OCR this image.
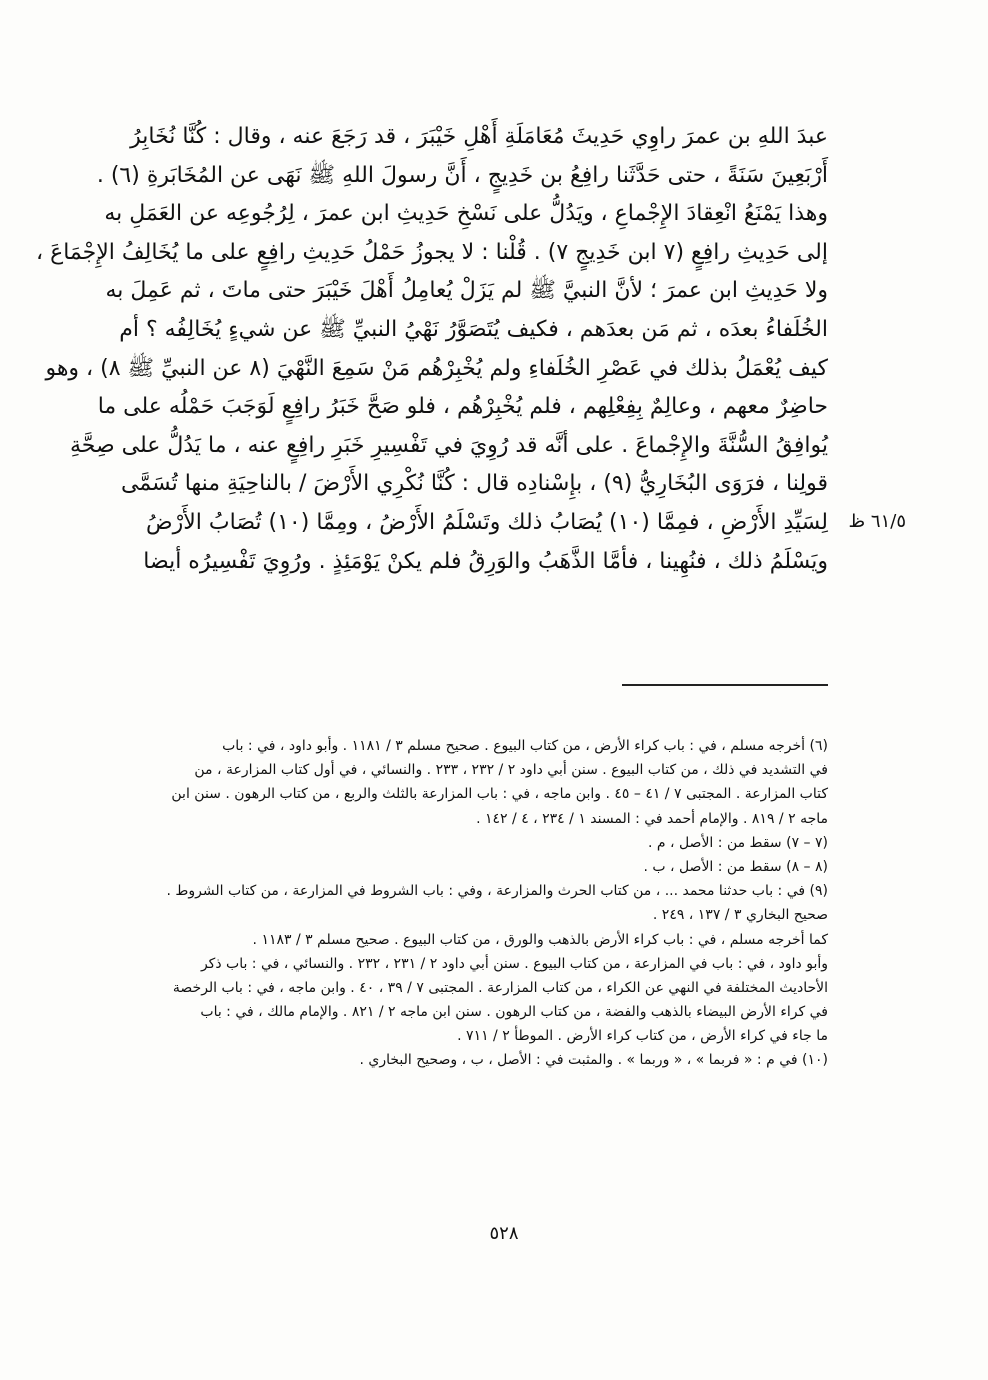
عبدَ اللهِ بن عمرَ راوِي حَدِيثَ مُعَامَلَةِ أَهْلِ خَيْبَرَ ، قد رَجَعَ عنه ، وقال : كُنَّا نُخَابِرُ
أَرْبَعِينَ سَنَةً ، حتى حَدَّثَنا رافِعُ بن خَدِيجٍ ، أَنَّ رسولَ اللهِ ﷺ نَهَى عن المُخَابَرةِ (٦) .
وهذا يَمْنَعُ انْعِقادَ الإِجْماعِ ، ويَدُلُّ على نَسْخِ حَدِيثِ ابن عمرَ ، لِرُجُوعِه عن العَمَلِ به
إلى حَدِيثِ رافِعٍ (٧ ابن خَدِيجٍ ٧) . قُلْنا : لا يجوزُ حَمْلُ حَدِيثِ رافِعٍ على ما يُخَالِفُ الإِجْمَاعَ ،
ولا حَدِيثِ ابن عمرَ ؛ لأنَّ النبيَّ ﷺ لم يَزَلْ يُعامِلُ أَهْلَ خَيْبَرَ حتى ماتَ ، ثم عَمِلَ به
الخُلَفاءُ بعدَه ، ثم مَن بعدَهم ، فكيف يُتَصَوَّرُ نَهْيُ النبيِّ ﷺ عن شيءٍ يُخَالِفُه ؟ أم
كيف يُعْمَلُ بذلك في عَصْرِ الخُلَفاءِ ولم يُخْبِرْهُم مَنْ سَمِعَ النَّهْيَ (٨ عن النبيِّ ﷺ ٨) ، وهو
حاضِرٌ معهم ، وعالِمٌ بِفِعْلِهم ، فلم يُخْبِرْهُم ، فلو صَحَّ خَبَرُ رافِعٍ لَوَجَبَ حَمْلُه على ما
يُوافِقُ السُّنَّةَ والإِجْماعَ . على أنَّه قد رُوِيَ في تَفْسِيرِ خَبَرِ رافِعٍ عنه ، ما يَدُلُّ على صِحَّةِ
قولِنا ، فرَوَى البُخَارِيُّ (٩) ، بإِسْنادِه قال : كُنَّا نُكْرِي الأَرْضَ / بالناحِيَةِ منها تُسَمَّى
لِسَيِّدِ الأَرْضِ ، فمِمَّا (١٠) يُصَابُ ذلك وتَسْلَمُ الأَرْضُ ، ومِمَّا (١٠) تُصَابُ الأَرْضُ
ويَسْلَمُ ذلك ، فنُهِينا ، فأمَّا الذَّهَبُ والوَرِقُ فلم يكنْ يَوْمَئِذٍ . ورُوِيَ تَفْسِيرُه أيضا
٦١/٥ ظ
(٦) أخرجه مسلم ، في : باب كراء الأرض ، من كتاب البيوع . صحيح مسلم ٣ / ١١٨١ . وأبو داود ، في : باب
في التشديد في ذلك ، من كتاب البيوع . سنن أبي داود ٢ / ٢٣٢ ، ٢٣٣ . والنسائي ، في أول كتاب المزارعة ، من
كتاب المزارعة . المجتبى ٧ / ٤١ – ٤٥ . وابن ماجه ، في : باب المزارعة بالثلث والربع ، من كتاب الرهون . سنن ابن
ماجه ٢ / ٨١٩ . والإمام أحمد في : المسند ١ / ٢٣٤ ، ٤ / ١٤٢ .
(٧ – ٧) سقط من : الأصل ، م .
(٨ – ٨) سقط من : الأصل ، ب .
(٩) في : باب حدثنا محمد ... ، من كتاب الحرث والمزارعة ، وفي : باب الشروط في المزارعة ، من كتاب الشروط .
صحيح البخاري ٣ / ١٣٧ ، ٢٤٩ .
كما أخرجه مسلم ، في : باب كراء الأرض بالذهب والورق ، من كتاب البيوع . صحيح مسلم ٣ / ١١٨٣ .
وأبو داود ، في : باب في المزارعة ، من كتاب البيوع . سنن أبي داود ٢ / ٢٣١ ، ٢٣٢ . والنسائي ، في : باب ذكر
الأحاديث المختلفة في النهي عن الكراء ، من كتاب المزارعة . المجتبى ٧ / ٣٩ ، ٤٠ . وابن ماجه ، في : باب الرخصة
في كراء الأرض البيضاء بالذهب والفضة ، من كتاب الرهون . سنن ابن ماجه ٢ / ٨٢١ . والإمام مالك ، في : باب
ما جاء في كراء الأرض ، من كتاب كراء الأرض . الموطأ ٢ / ٧١١ .
(١٠) في م : « فربما » ، « وربما » . والمثبت في : الأصل ، ب ، وصحيح البخاري .
٥٢٨
